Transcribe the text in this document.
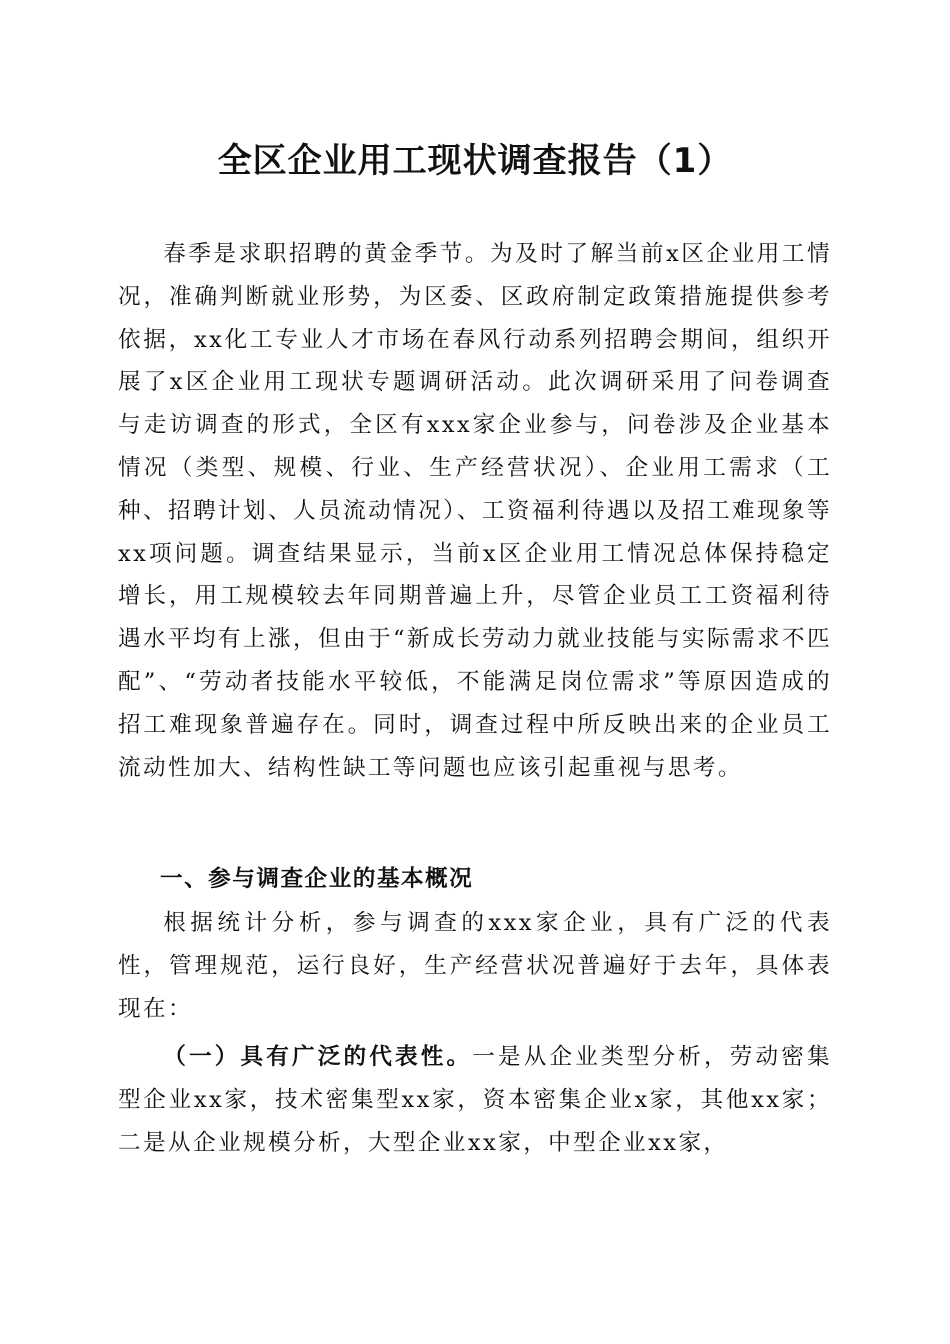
全区企业用工现状调查报告（1）

春季是求职招聘的黄金季节。为及时了解当前x区企业用工情况，准确判断就业形势，为区委、区政府制定政策措施提供参考依据，xx化工专业人才市场在春风行动系列招聘会期间，组织开展了x区企业用工现状专题调研活动。此次调研采用了问卷调查与走访调查的形式，全区有xxx家企业参与，问卷涉及企业基本情况（类型、规模、行业、生产经营状况）、企业用工需求（工种、招聘计划、人员流动情况）、工资福利待遇以及招工难现象等xx项问题。调查结果显示，当前x区企业用工情况总体保持稳定增长，用工规模较去年同期普遍上升，尽管企业员工工资福利待遇水平均有上涨，但由于“新成长劳动力就业技能与实际需求不匹配”、“劳动者技能水平较低，不能满足岗位需求”等原因造成的招工难现象普遍存在。同时，调查过程中所反映出来的企业员工流动性加大、结构性缺工等问题也应该引起重视与思考。

一、参与调查企业的基本概况

根据统计分析，参与调查的xxx家企业，具有广泛的代表性，管理规范，运行良好，生产经营状况普遍好于去年，具体表现在：

（一）具有广泛的代表性。一是从企业类型分析，劳动密集型企业xx家，技术密集型xx家，资本密集企业x家，其他xx家；二是从企业规模分析，大型企业xx家，中型企业xx家，
